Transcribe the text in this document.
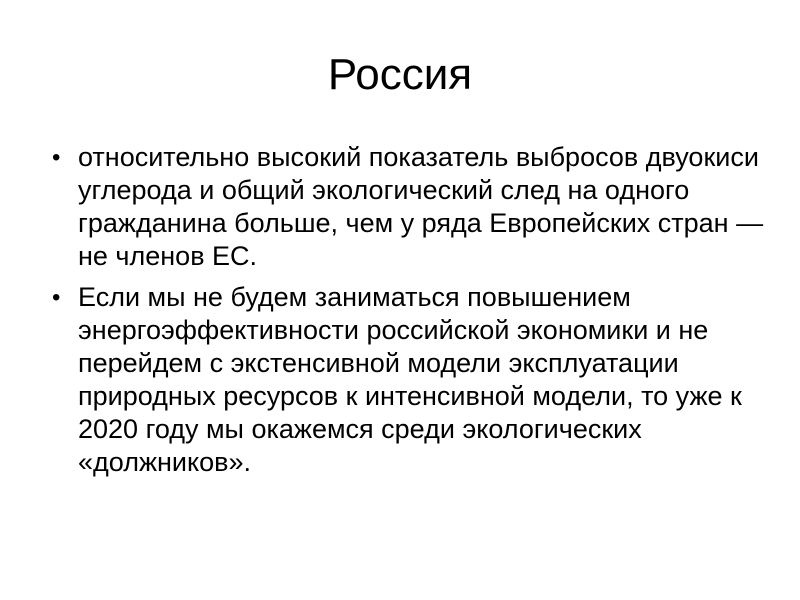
Россия
• относительно высокий показатель выбросов двуокиси углерода и общий экологический след на одного гражданина больше, чем у ряда Европейских стран — не членов ЕС.
• Если мы не будем заниматься повышением энергоэффективности российской экономики и не перейдем с экстенсивной модели эксплуатации природных ресурсов к интенсивной модели, то уже к 2020 году мы окажемся среди экологических «должников».
